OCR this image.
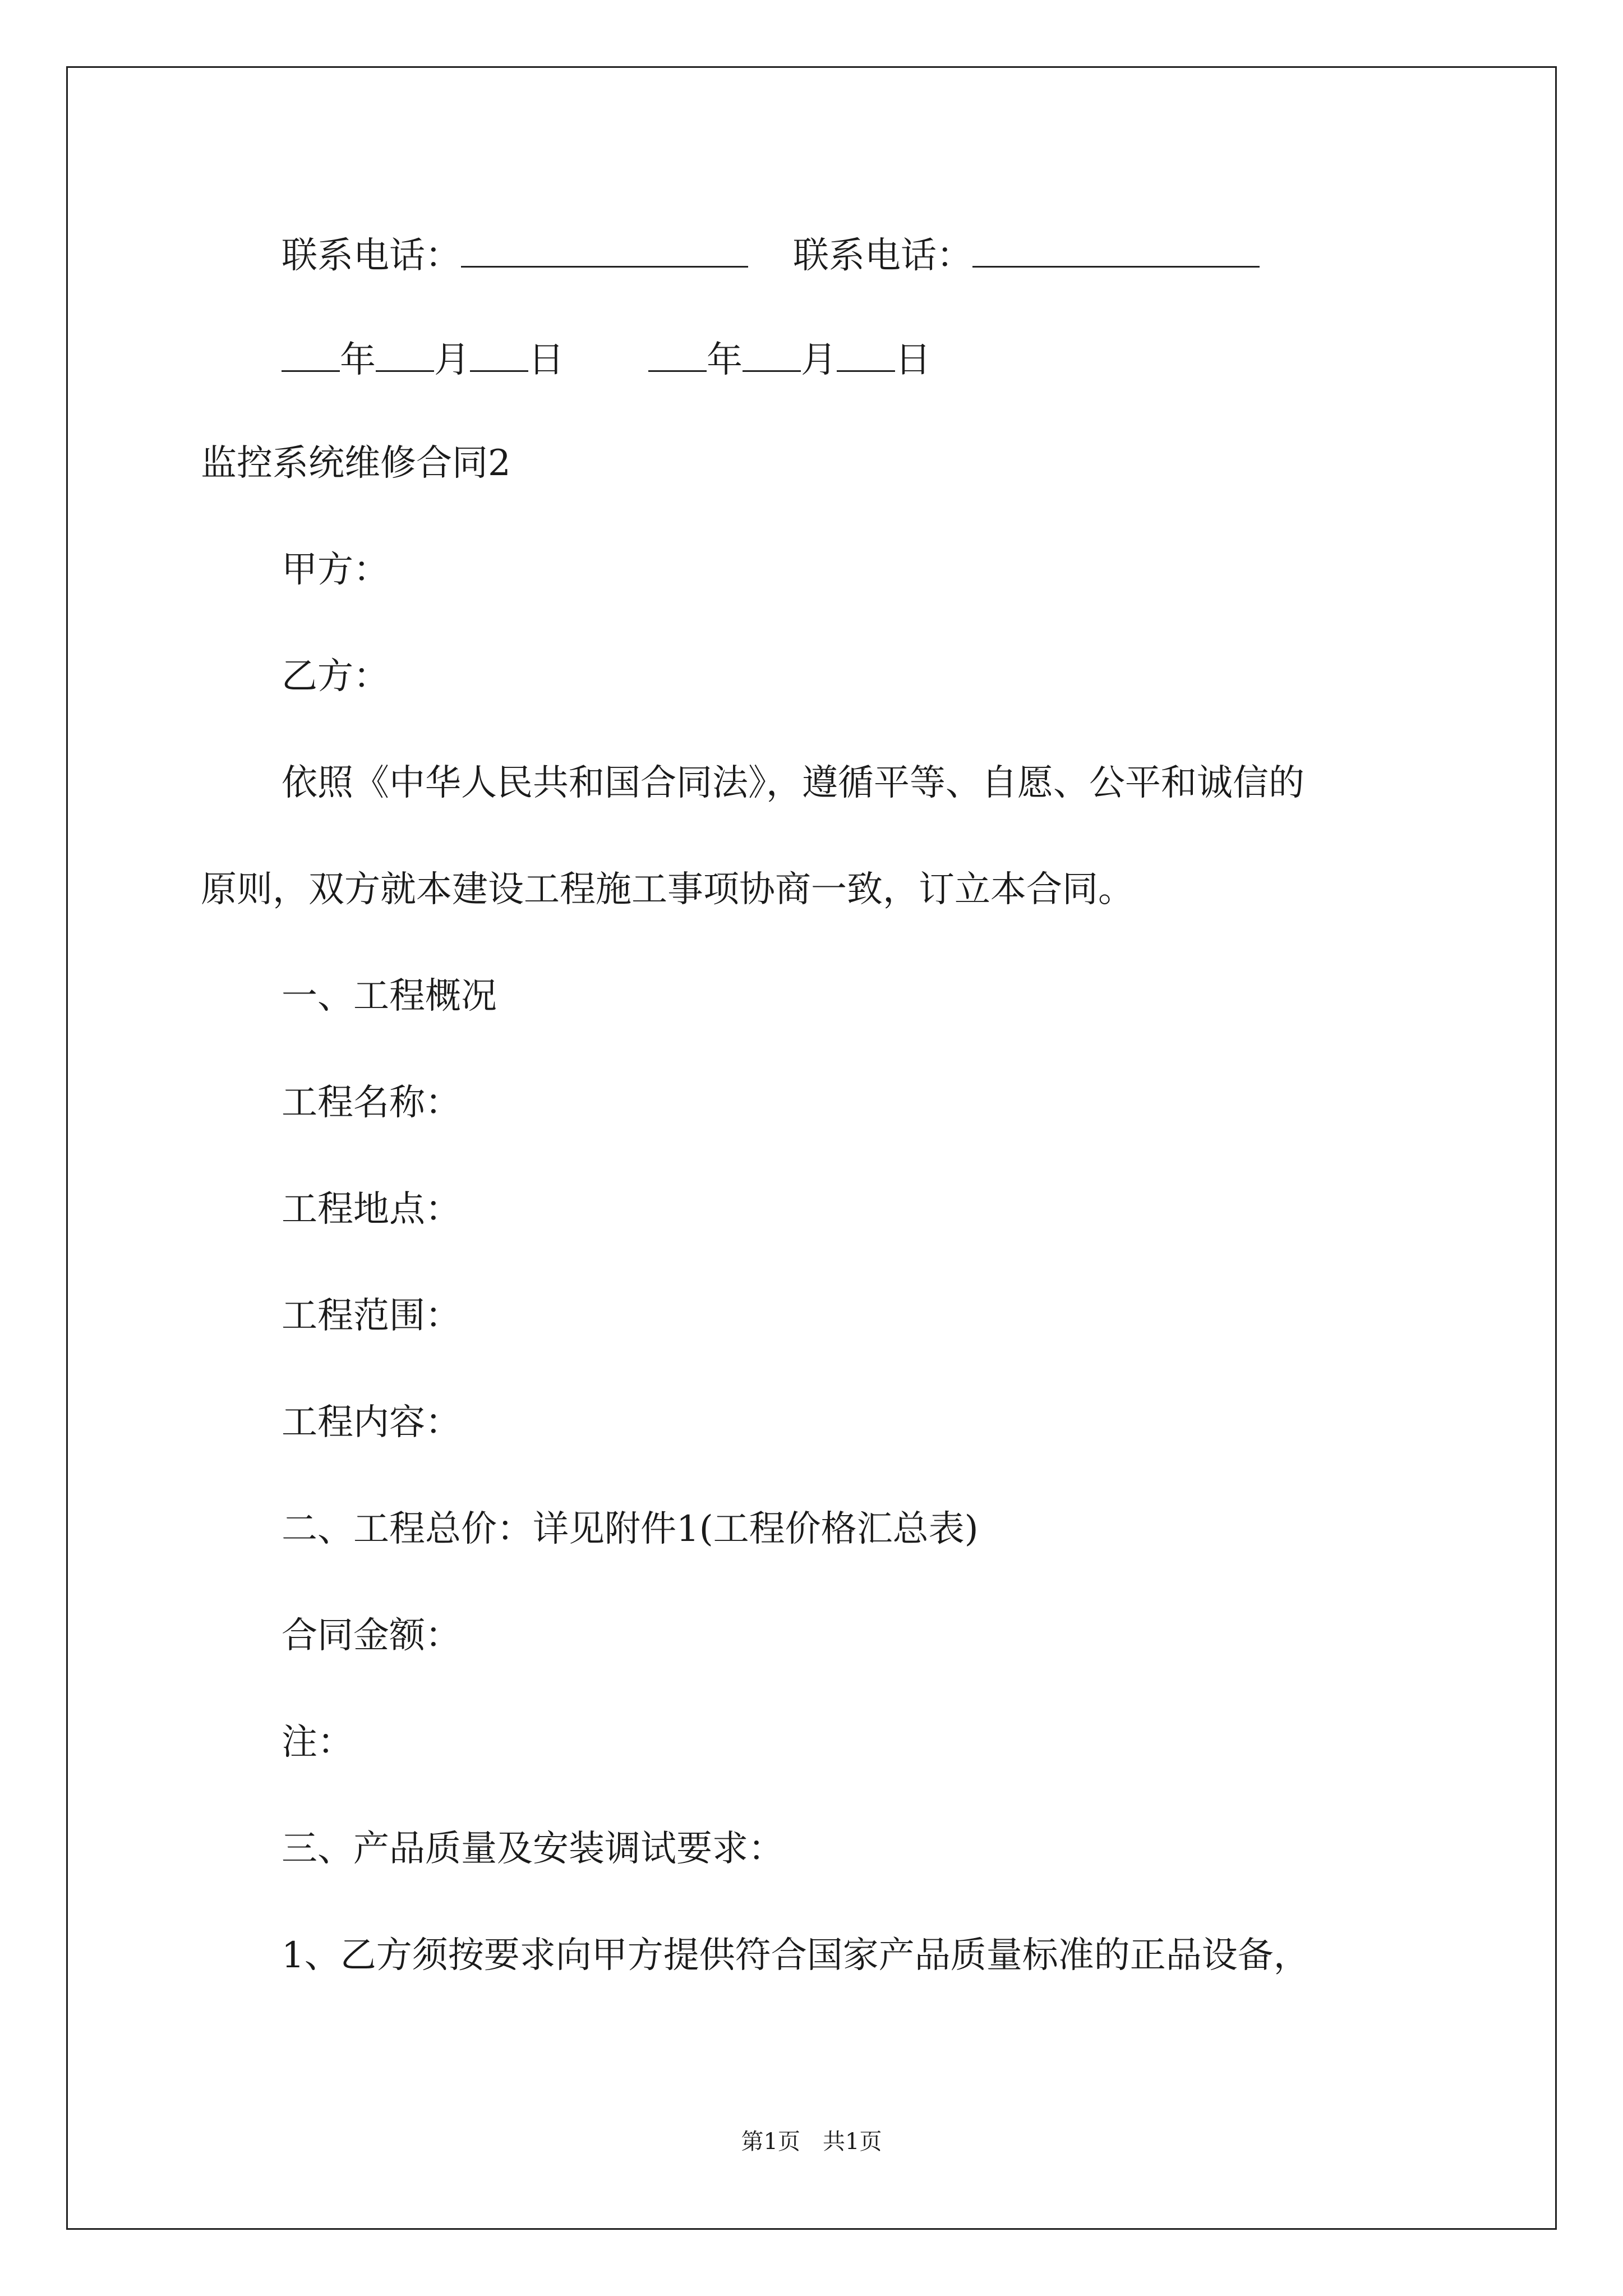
联系电话：	联系电话：
年 月 日	年 月 日
监控系统维修合同2
甲方：
乙方：
依照《中华人民共和国合同法》，遵循平等、自愿、公平和诚信的
原则，双方就本建设工程施工事项协商一致，订立本合同。
一、工程概况
工程名称：
工程地点：
工程范围：
工程内容：
二、工程总价：详见附件1(工程价格汇总表)
合同金额：
注：
三、产品质量及安装调试要求：
1、乙方须按要求向甲方提供符合国家产品质量标准的正品设备，
第1页　共1页
